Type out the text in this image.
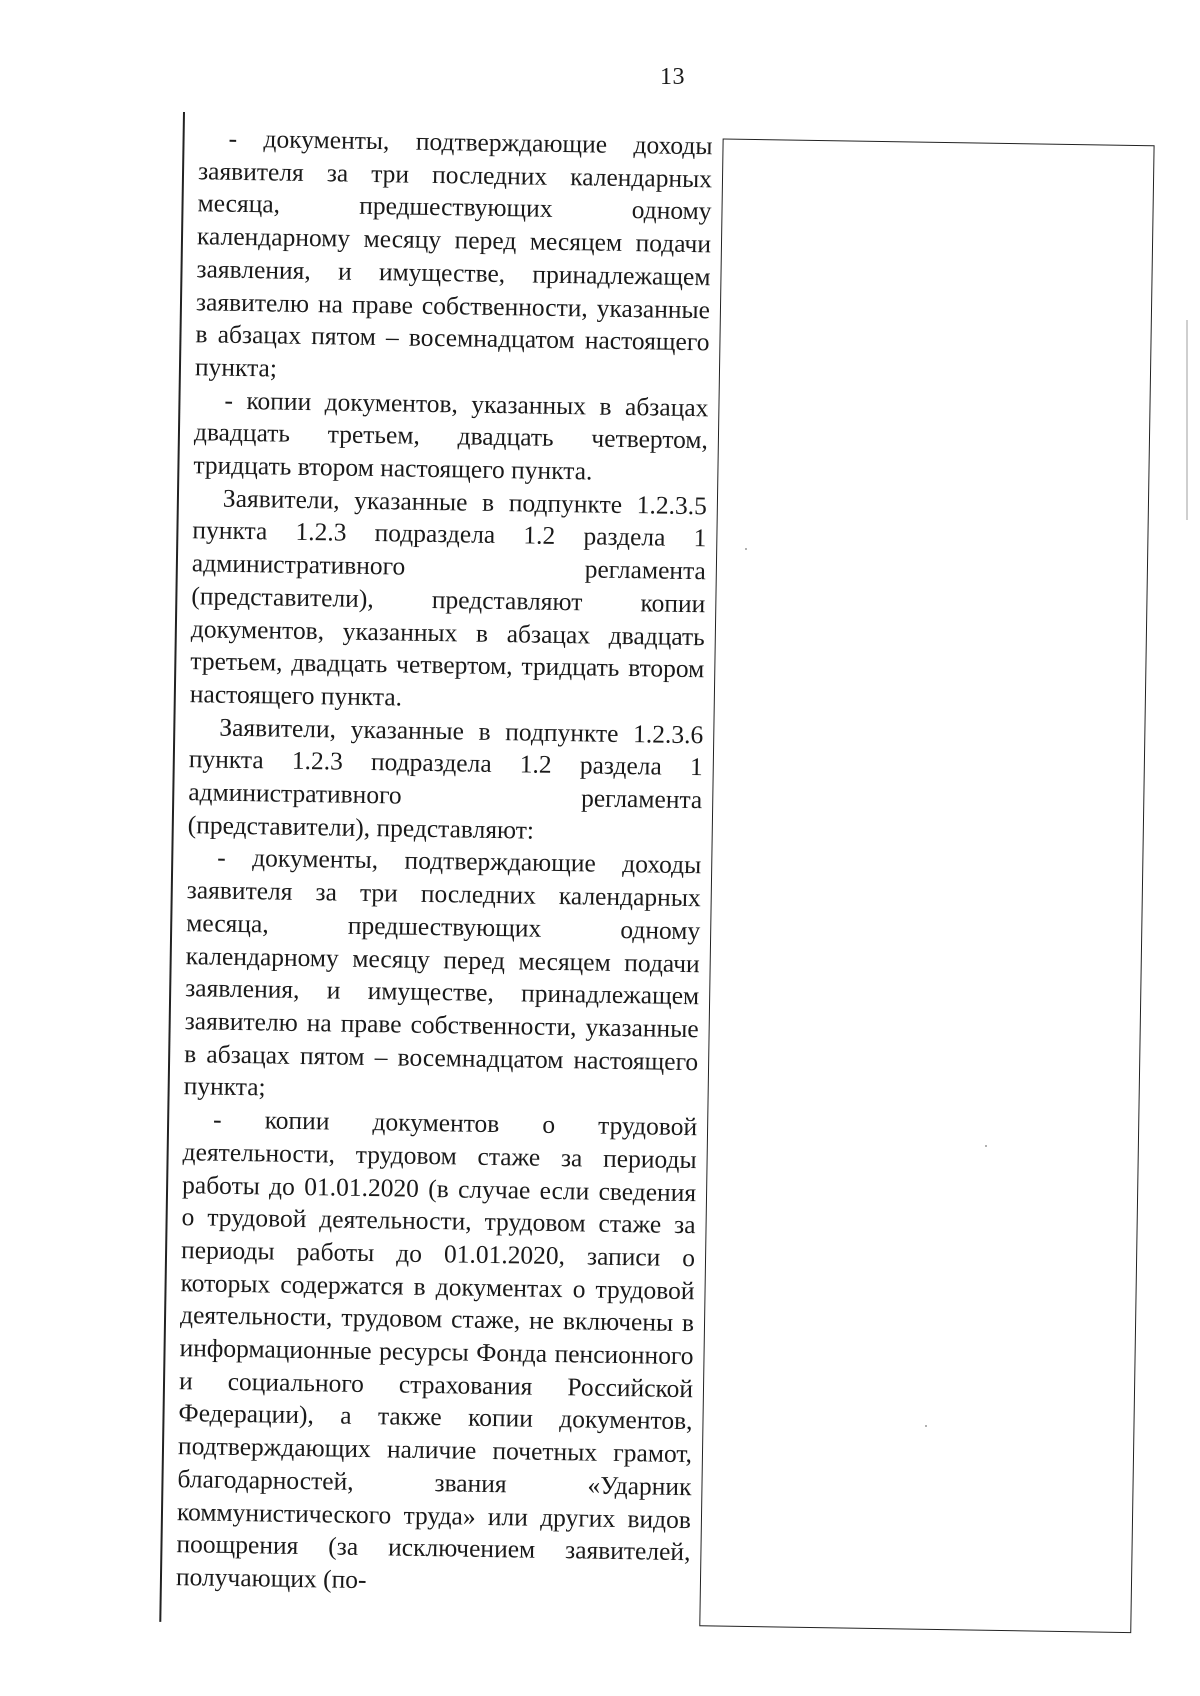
13

- документы, подтверждающие доходы заявителя за три последних календарных месяца, предшествующих одному календарному месяцу перед месяцем подачи заявления, и имуществе, принадлежащем заявителю на праве собственности, указанные в абзацах пятом – восемнадцатом настоящего пункта;

- копии документов, указанных в абзацах двадцать третьем, двадцать четвертом, тридцать втором настоящего пункта.

Заявители, указанные в подпункте 1.2.3.5 пункта 1.2.3 подраздела 1.2 раздела 1 административного регламента (представители), представляют копии документов, указанных в абзацах двадцать третьем, двадцать четвертом, тридцать втором настоящего пункта.

Заявители, указанные в подпункте 1.2.3.6 пункта 1.2.3 подраздела 1.2 раздела 1 административного регламента (представители), представляют:

- документы, подтверждающие доходы заявителя за три последних календарных месяца, предшествующих одному календарному месяцу перед месяцем подачи заявления, и имуществе, принадлежащем заявителю на праве собственности, указанные в абзацах пятом – восемнадцатом настоящего пункта;

- копии документов о трудовой деятельности, трудовом стаже за периоды работы до 01.01.2020 (в случае если сведения о трудовой деятельности, трудовом стаже за периоды работы до 01.01.2020, записи о которых содержатся в документах о трудовой деятельности, трудовом стаже, не включены в информационные ресурсы Фонда пенсионного и социального страхования Российской Федерации), а также копии документов, подтверждающих наличие почетных грамот, благодарностей, звания «Ударник коммунистического труда» или других видов поощрения (за исключением заявителей, получающих (по-
